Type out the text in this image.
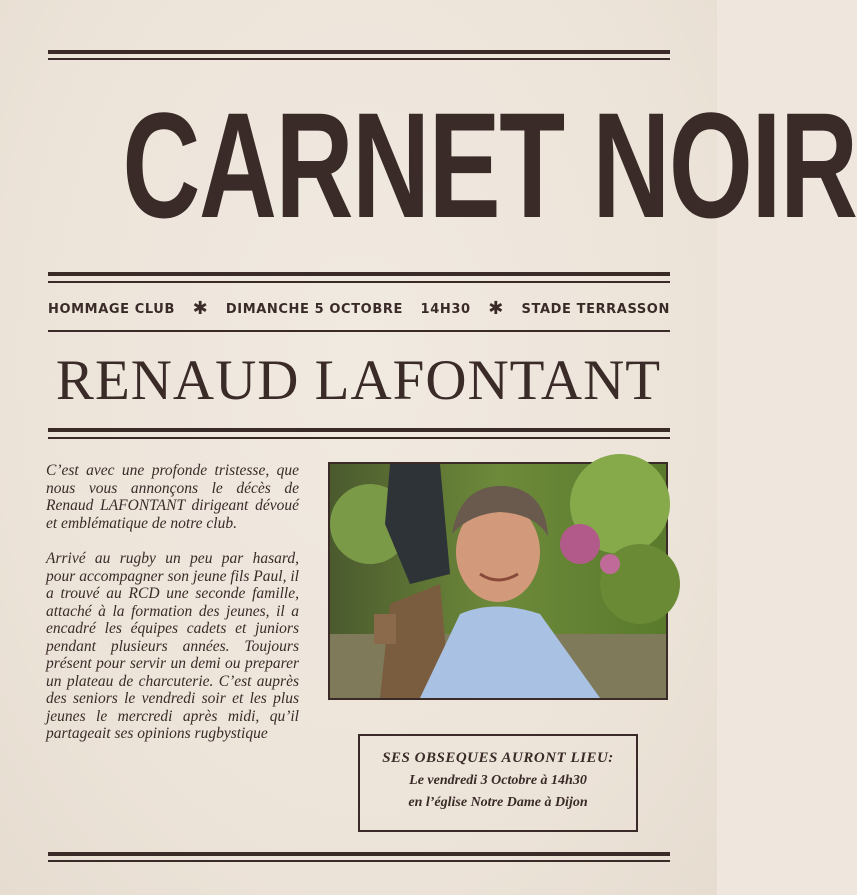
CARNET NOIR
HOMMAGE CLUB ✱ DIMANCHE 5 OCTOBRE 14H30 ✱ STADE TERRASSON
RENAUD LAFONTANT

C’est avec une profonde tristesse, que nous vous annonçons le décès de Renaud LAFONTANT dirigeant dévoué et emblématique de notre club.

Arrivé au rugby un peu par hasard, pour accompagner son jeune fils Paul, il a trouvé au RCD une seconde famille, attaché à la formation des jeunes, il a encadré les équipes cadets et juniors pendant plusieurs années. Toujours présent pour servir un demi ou preparer un plateau de charcuterie. C’est auprès des seniors le vendredi soir et les plus jeunes le mercredi après midi, qu’il partageait ses opinions rugbystique

SES OBSEQUES AURONT LIEU:
Le vendredi 3 Octobre à 14h30
en l’église Notre Dame à Dijon
